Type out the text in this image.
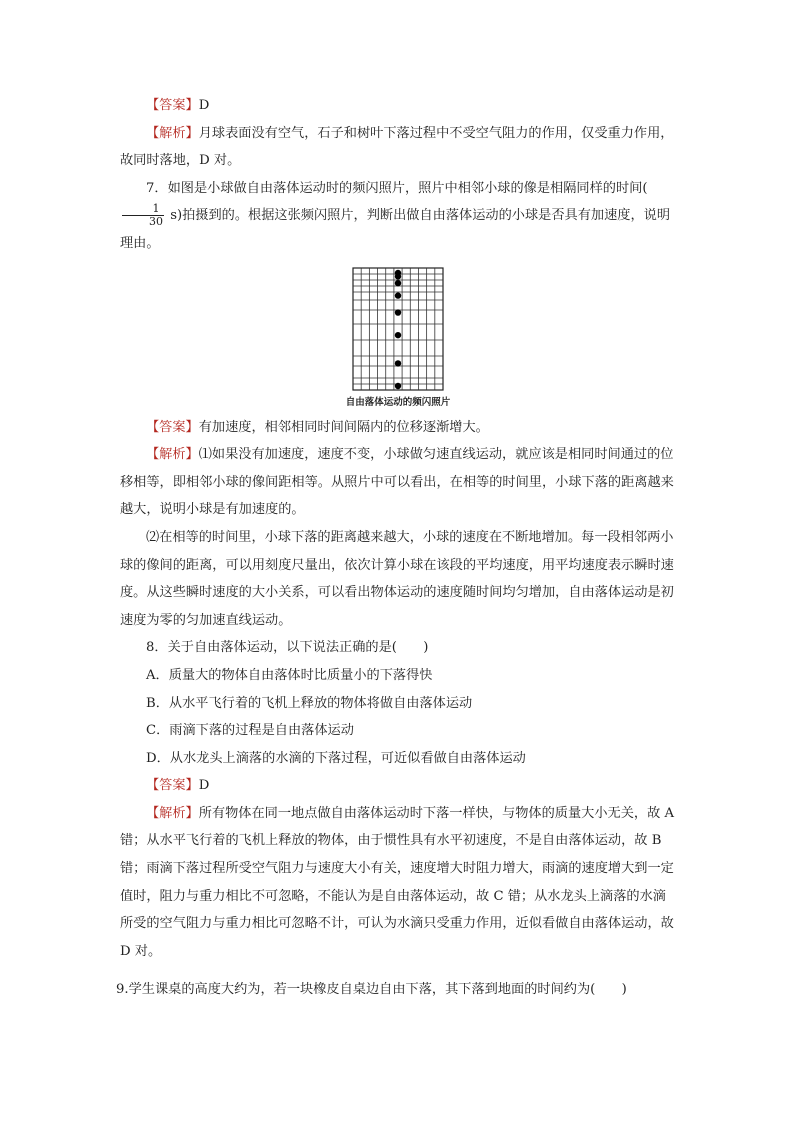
【答案】D

【解析】月球表面没有空气，石子和树叶下落过程中不受空气阻力的作用，仅受重力作用，故同时落地，D 对。

7．如图是小球做自由落体运动时的频闪照片，照片中相邻小球的像是相隔同样的时间(
$\frac{1}{30} s$)拍摄到的。根据这张频闪照片，判断出做自由落体运动的小球是否具有加速度，说明理由。

自由落体运动的频闪照片

【答案】有加速度，相邻相同时间间隔内的位移逐渐增大。

【解析】⑴如果没有加速度，速度不变，小球做匀速直线运动，就应该是相同时间通过的位移相等，即相邻小球的像间距相等。从照片中可以看出，在相等的时间里，小球下落的距离越来越大，说明小球是有加速度的。

⑵在相等的时间里，小球下落的距离越来越大，小球的速度在不断地增加。每一段相邻两小球的像间的距离，可以用刻度尺量出，依次计算小球在该段的平均速度，用平均速度表示瞬时速度。从这些瞬时速度的大小关系，可以看出物体运动的速度随时间均匀增加，自由落体运动是初速度为零的匀加速直线运动。

8．关于自由落体运动，以下说法正确的是(　　)

A．质量大的物体自由落体时比质量小的下落得快

B．从水平飞行着的飞机上释放的物体将做自由落体运动

C．雨滴下落的过程是自由落体运动

D．从水龙头上滴落的水滴的下落过程，可近似看做自由落体运动

【答案】D

【解析】所有物体在同一地点做自由落体运动时下落一样快，与物体的质量大小无关，故 A 错；从水平飞行着的飞机上释放的物体，由于惯性具有水平初速度，不是自由落体运动，故 B 错；雨滴下落过程所受空气阻力与速度大小有关，速度增大时阻力增大，雨滴的速度增大到一定值时，阻力与重力相比不可忽略，不能认为是自由落体运动，故 C 错；从水龙头上滴落的水滴所受的空气阻力与重力相比可忽略不计，可认为水滴只受重力作用，近似看做自由落体运动，故 D 对。

9.学生课桌的高度大约为，若一块橡皮自桌边自由下落，其下落到地面的时间约为(　　)
